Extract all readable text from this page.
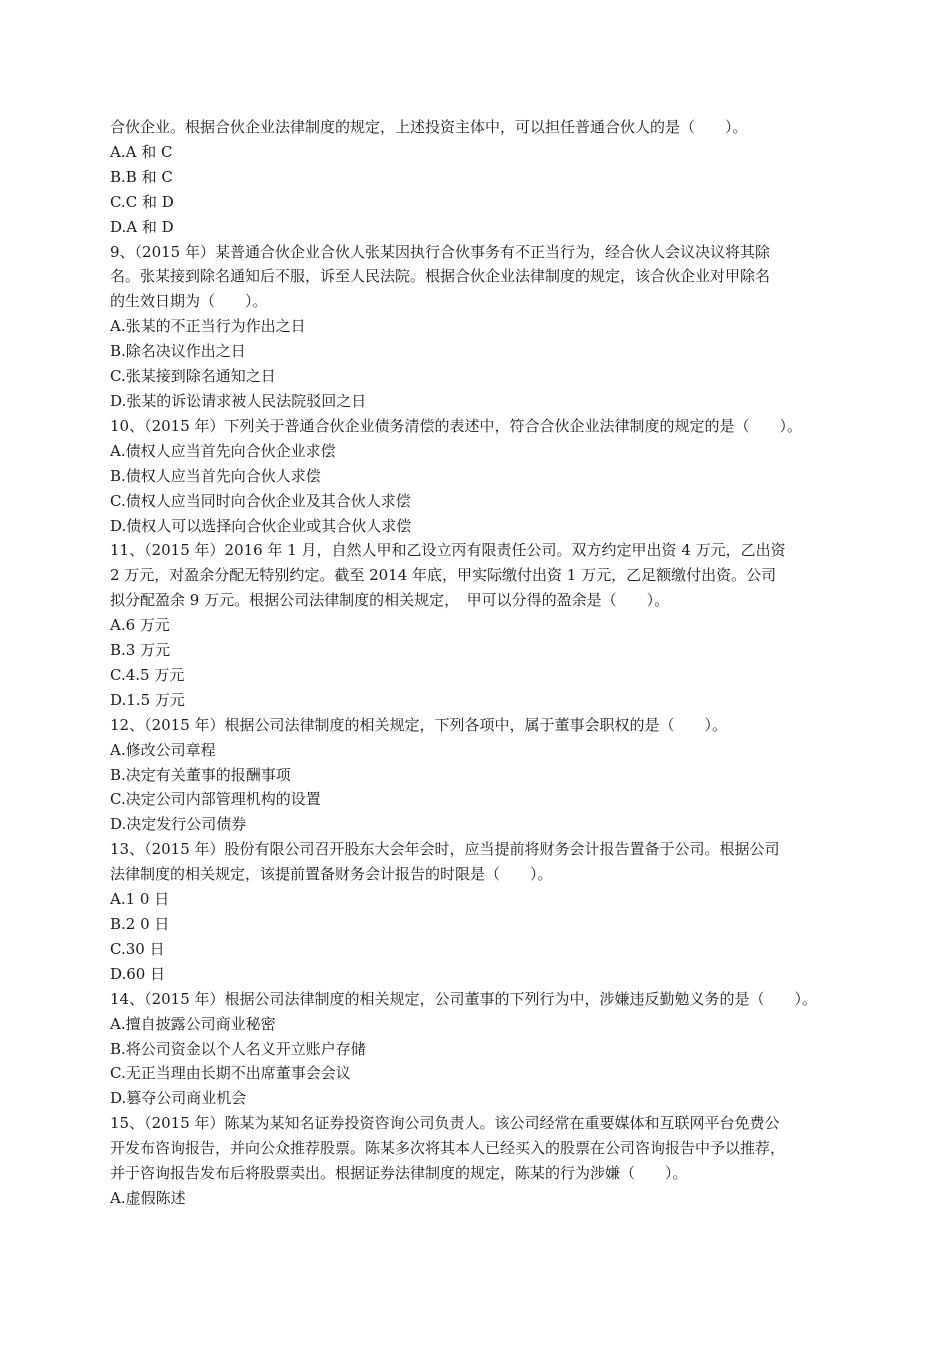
合伙企业。根据合伙企业法律制度的规定，上述投资主体中，可以担任普通合伙人的是（　　）。
A.A 和 C
B.B 和 C
C.C 和 D
D.A 和 D
9、（2015 年）某普通合伙企业合伙人张某因执行合伙事务有不正当行为，经合伙人会议决议将其除
名。张某接到除名通知后不服，诉至人民法院。根据合伙企业法律制度的规定，该合伙企业对甲除名
的生效日期为（　　）。
A.张某的不正当行为作出之日
B.除名决议作出之日
C.张某接到除名通知之日
D.张某的诉讼请求被人民法院驳回之日
10、（2015 年）下列关于普通合伙企业债务清偿的表述中，符合合伙企业法律制度的规定的是（　　）。
A.债权人应当首先向合伙企业求偿
B.债权人应当首先向合伙人求偿
C.债权人应当同时向合伙企业及其合伙人求偿
D.债权人可以选择向合伙企业或其合伙人求偿
11、（2015 年）2016 年 1 月，自然人甲和乙设立丙有限责任公司。双方约定甲出资 4 万元，乙出资
2 万元，对盈余分配无特别约定。截至 2014 年底，甲实际缴付出资 1 万元，乙足额缴付出资。公司
拟分配盈余 9 万元。根据公司法律制度的相关规定，　甲可以分得的盈余是（　　）。
A.6 万元
B.3 万元
C.4.5 万元
D.1.5 万元
12、（2015 年）根据公司法律制度的相关规定，下列各项中，属于董事会职权的是（　　）。
A.修改公司章程
B.决定有关董事的报酬事项
C.决定公司内部管理机构的设置
D.决定发行公司债券
13、（2015 年）股份有限公司召开股东大会年会时，应当提前将财务会计报告置备于公司。根据公司
法律制度的相关规定，该提前置备财务会计报告的时限是（　　）。
A.1 0 日
B.2 0 日
C.30 日
D.60 日
14、（2015 年）根据公司法律制度的相关规定，公司董事的下列行为中，涉嫌违反勤勉义务的是（　　）。
A.擅自披露公司商业秘密
B.将公司资金以个人名义开立账户存储
C.无正当理由长期不出席董事会会议
D.篡夺公司商业机会
15、（2015 年）陈某为某知名证券投资咨询公司负责人。该公司经常在重要媒体和互联网平台免费公
开发布咨询报告，并向公众推荐股票。陈某多次将其本人已经买入的股票在公司咨询报告中予以推荐，
并于咨询报告发布后将股票卖出。根据证券法律制度的规定，陈某的行为涉嫌（　　）。
A.虚假陈述
